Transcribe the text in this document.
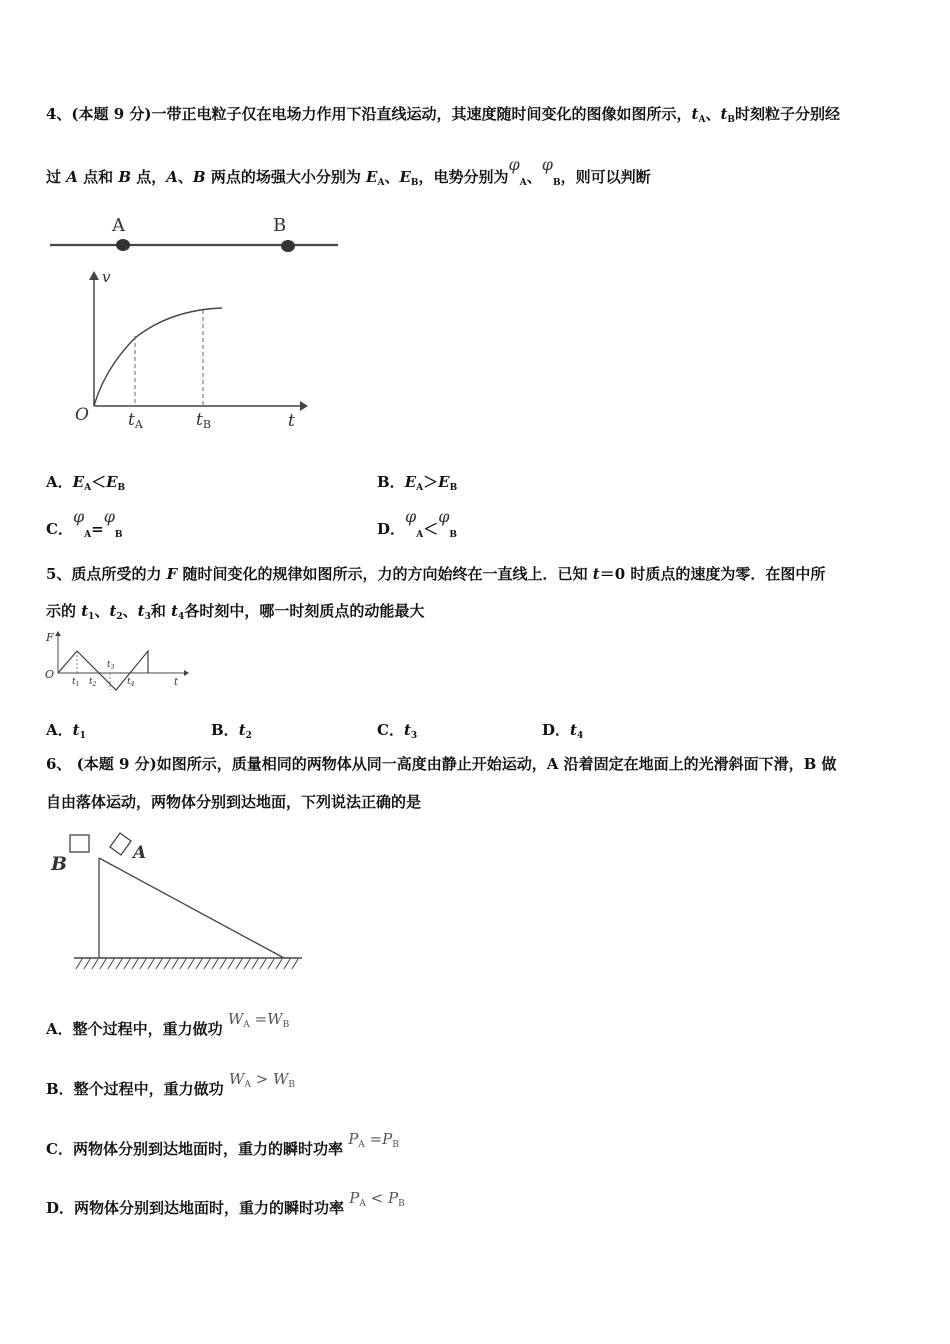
4、(本题 9 分)一带正电粒子仅在电场力作用下沿直线运动，其速度随时间变化的图像如图所示，$t_A$、$t_B$时刻粒子分别经
过 A 点和 B 点，A、B 两点的场强大小分别为 $E_A$、$E_B$，电势分别为$\varphi_A$、$\varphi_B$，则可以判断
A	B
v
O	t
tA	tB
A．$E_A<E_B$	B．$E_A>E_B$
C．$\varphi_A=\varphi_B$	D．$\varphi_A<\varphi_B$
5、质点所受的力 F 随时间变化的规律如图所示，力的方向始终在一直线上．已知 t＝0 时质点的速度为零．在图中所
示的 $t_1$、$t_2$、$t_3$和 $t_4$各时刻中，哪一时刻质点的动能最大
F
O
t
$t_1$ $t_2$
$t_3$
$t_4$
A．$t_1$	B．$t_2$	C．$t_3$	D．$t_4$
6、 (本题 9 分)如图所示，质量相同的两物体从同一高度由静止开始运动，A 沿着固定在地面上的光滑斜面下滑，B 做
自由落体运动，两物体分别到达地面，下列说法正确的是
B	A
A．整个过程中，重力做功 $W_A =W_B$
B．整个过程中，重力做功 $W_A > W_B$
C．两物体分别到达地面时，重力的瞬时功率 $P_A =P_B$
D．两物体分别到达地面时，重力的瞬时功率 $P_A < P_B$
